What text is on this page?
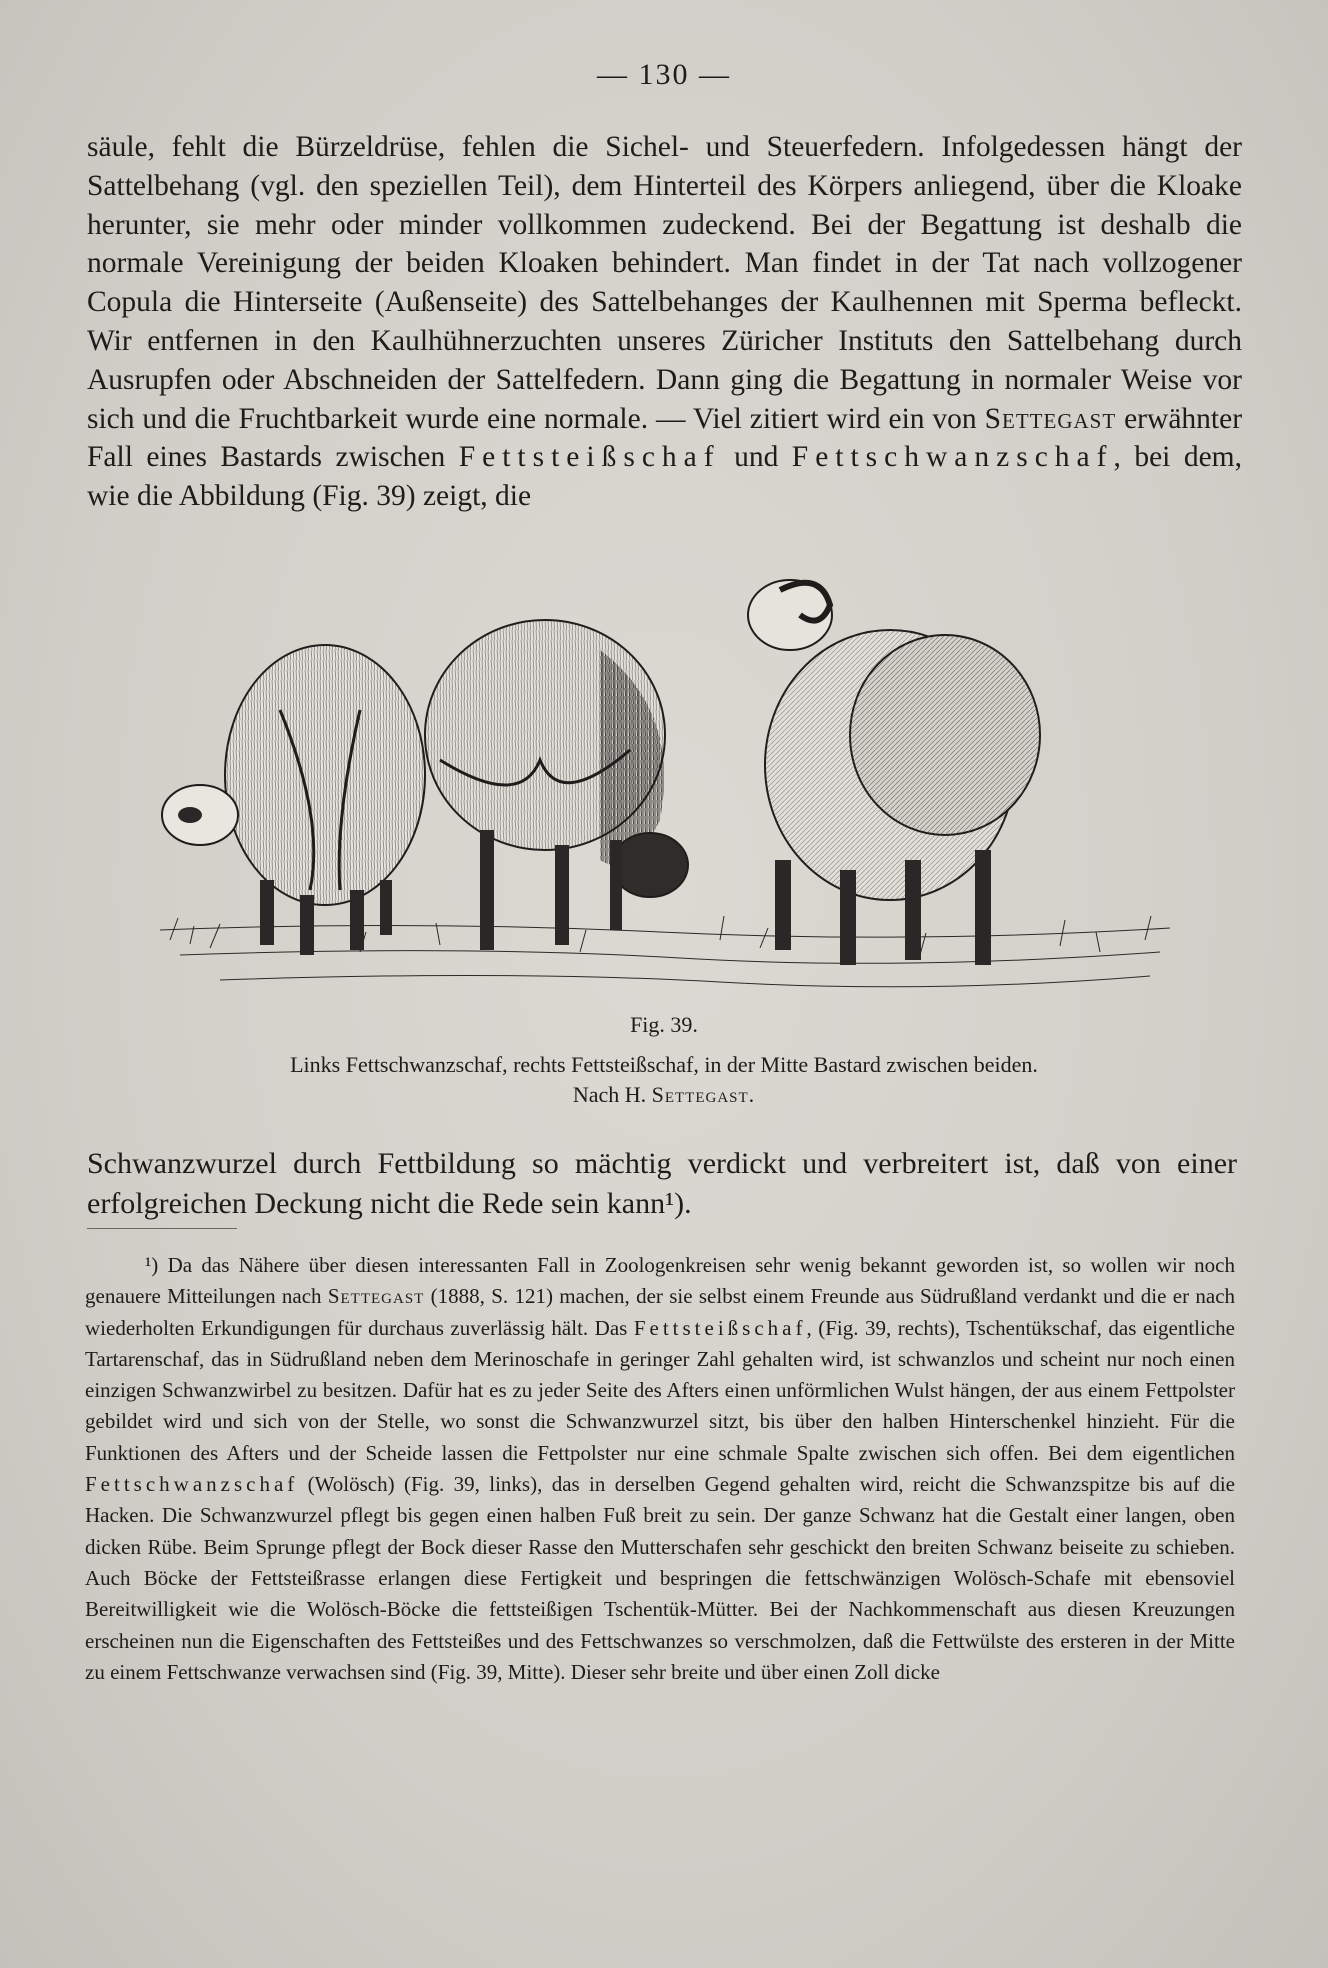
— 130 —

säule, fehlt die Bürzeldrüse, fehlen die Sichel- und Steuerfedern. Infolgedessen hängt der Sattelbehang (vgl. den speziellen Teil), dem Hinterteil des Körpers anliegend, über die Kloake herunter, sie mehr oder minder vollkommen zudeckend. Bei der Begattung ist deshalb die normale Vereinigung der beiden Kloaken behindert. Man findet in der Tat nach vollzogener Copula die Hinterseite (Außenseite) des Sattelbehanges der Kaulhennen mit Sperma befleckt. Wir entfernen in den Kaulhühnerzuchten unseres Züricher Instituts den Sattelbehang durch Ausrupfen oder Abschneiden der Sattelfedern. Dann ging die Begattung in normaler Weise vor sich und die Fruchtbarkeit wurde eine normale. — Viel zitiert wird ein von Settegast erwähnter Fall eines Bastards zwischen Fettsteißschaf und Fettschwanzschaf, bei dem, wie die Abbildung (Fig. 39) zeigt, die

Fig. 39.
Links Fettschwanzschaf, rechts Fettsteißschaf, in der Mitte Bastard zwischen beiden.
Nach H. Settegast.

Schwanzwurzel durch Fettbildung so mächtig verdickt und verbreitert ist, daß von einer erfolgreichen Deckung nicht die Rede sein kann¹).

¹) Da das Nähere über diesen interessanten Fall in Zoologenkreisen sehr wenig bekannt geworden ist, so wollen wir noch genauere Mitteilungen nach Settegast (1888, S. 121) machen, der sie selbst einem Freunde aus Südrußland verdankt und die er nach wiederholten Erkundigungen für durchaus zuverlässig hält. Das Fettsteißschaf, (Fig. 39, rechts), Tschentükschaf, das eigentliche Tartarenschaf, das in Südrußland neben dem Merinoschafe in geringer Zahl gehalten wird, ist schwanzlos und scheint nur noch einen einzigen Schwanzwirbel zu besitzen. Dafür hat es zu jeder Seite des Afters einen unförmlichen Wulst hängen, der aus einem Fettpolster gebildet wird und sich von der Stelle, wo sonst die Schwanzwurzel sitzt, bis über den halben Hinterschenkel hinzieht. Für die Funktionen des Afters und der Scheide lassen die Fettpolster nur eine schmale Spalte zwischen sich offen. Bei dem eigentlichen Fettschwanzschaf (Wolösch) (Fig. 39, links), das in derselben Gegend gehalten wird, reicht die Schwanzspitze bis auf die Hacken. Die Schwanzwurzel pflegt bis gegen einen halben Fuß breit zu sein. Der ganze Schwanz hat die Gestalt einer langen, oben dicken Rübe. Beim Sprunge pflegt der Bock dieser Rasse den Mutterschafen sehr geschickt den breiten Schwanz beiseite zu schieben. Auch Böcke der Fettsteißrasse erlangen diese Fertigkeit und bespringen die fettschwänzigen Wolösch-Schafe mit ebensoviel Bereitwilligkeit wie die Wolösch-Böcke die fettsteißigen Tschentük-Mütter. Bei der Nachkommenschaft aus diesen Kreuzungen erscheinen nun die Eigenschaften des Fettsteißes und des Fettschwanzes so verschmolzen, daß die Fettwülste des ersteren in der Mitte zu einem Fettschwanze verwachsen sind (Fig. 39, Mitte). Dieser sehr breite und über einen Zoll dicke
